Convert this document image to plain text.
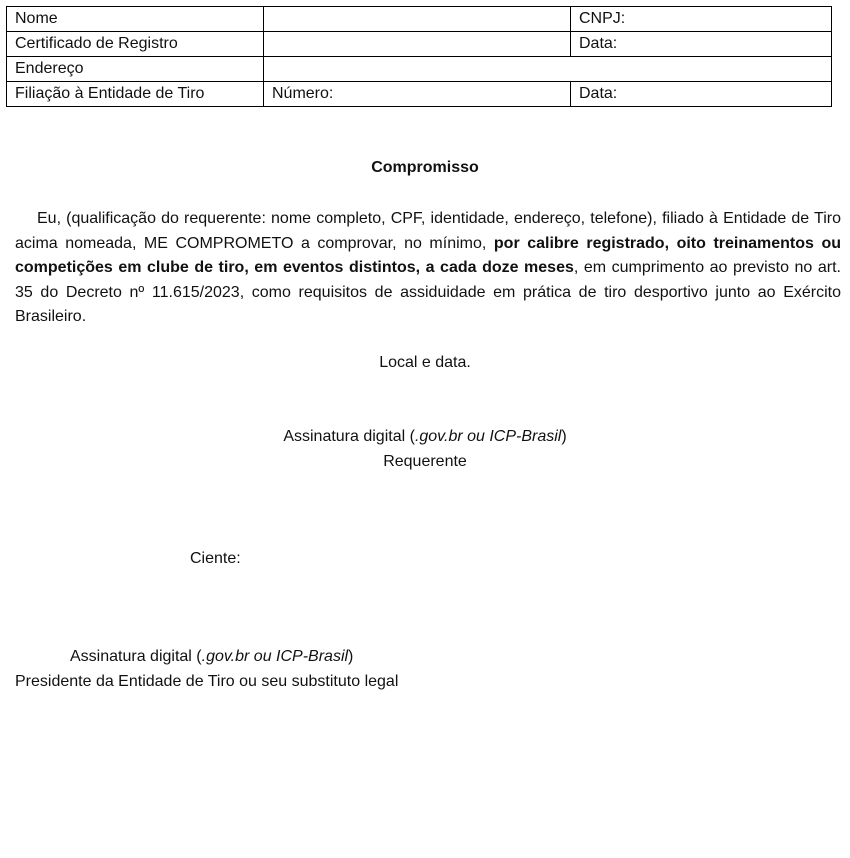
Nome		CNPJ:
Certificado de Registro		Data:
Endereço		
Filiação à Entidade de Tiro	Número:	Data:
Compromisso

Eu, (qualificação do requerente: nome completo, CPF, identidade, endereço, telefone), filiado à Entidade de Tiro acima nomeada, ME COMPROMETO a comprovar, no mínimo, por calibre registrado, oito treinamentos ou competições em clube de tiro, em eventos distintos, a cada doze meses, em cumprimento ao previsto no art. 35 do Decreto nº 11.615/2023, como requisitos de assiduidade em prática de tiro desportivo junto ao Exército Brasileiro.

Local e data.
Assinatura digital (.gov.br ou ICP-Brasil)
Requerente
Ciente:
Assinatura digital (.gov.br ou ICP-Brasil)
Presidente da Entidade de Tiro ou seu substituto legal
